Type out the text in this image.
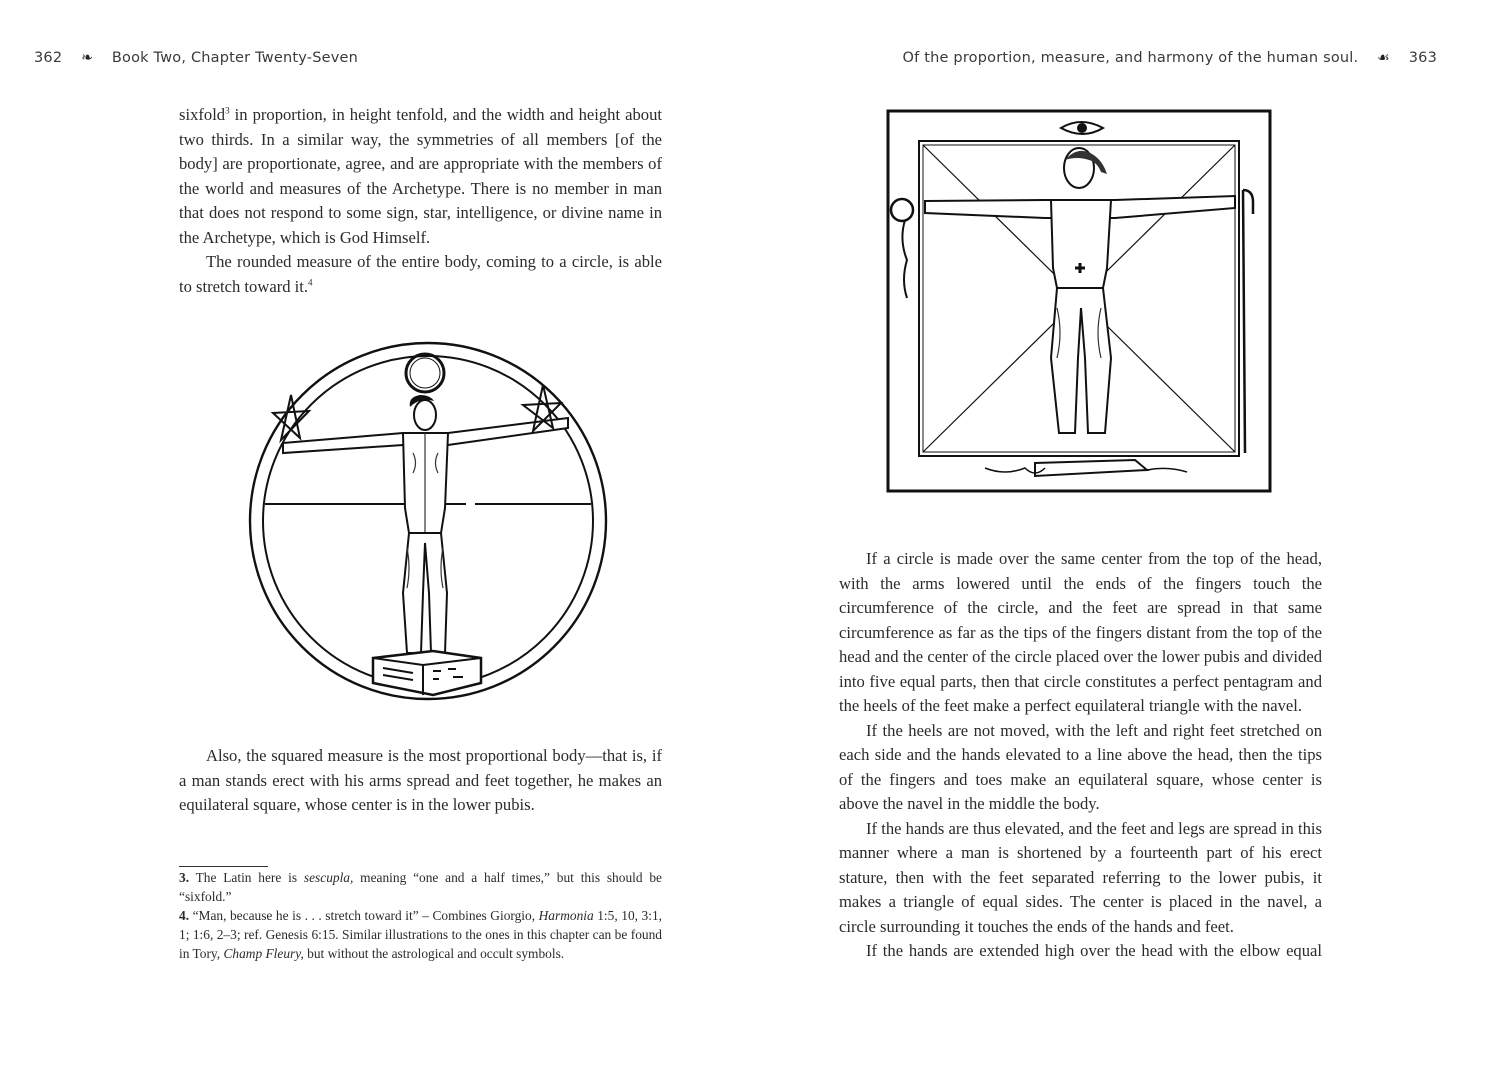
362 ❧ Book Two, Chapter Twenty-Seven

sixfold$^3$ in proportion, in height tenfold, and the width and height about two thirds. In a similar way, the symmetries of all members [of the body] are proportionate, agree, and are appropriate with the members of the world and measures of the Archetype. There is no member in man that does not respond to some sign, star, intelligence, or divine name in the Archetype, which is God Himself.

The rounded measure of the entire body, coming to a circle, is able to stretch toward it.$^4$

Also, the squared measure is the most proportional body—that is, if a man stands erect with his arms spread and feet together, he makes an equilateral square, whose center is in the lower pubis.

3. The Latin here is sescupla, meaning “one and a half times,” but this should be “sixfold.”

4. “Man, because he is . . . stretch toward it” – Combines Giorgio, Harmonia 1:5, 10, 3:1, 1; 1:6, 2–3; ref. Genesis 6:15. Similar illustrations to the ones in this chapter can be found in Tory, Champ Fleury, but without the astrological and occult symbols.

Of the proportion, measure, and harmony of the human soul. ☙ 363

If a circle is made over the same center from the top of the head, with the arms lowered until the ends of the fingers touch the circumference of the circle, and the feet are spread in that same circumference as far as the tips of the fingers distant from the top of the head and the center of the circle placed over the lower pubis and divided into five equal parts, then that circle constitutes a perfect pentagram and the heels of the feet make a perfect equilateral triangle with the navel.

If the heels are not moved, with the left and right feet stretched on each side and the hands elevated to a line above the head, then the tips of the fingers and toes make an equilateral square, whose center is above the navel in the middle the body.

If the hands are thus elevated, and the feet and legs are spread in this manner where a man is shortened by a fourteenth part of his erect stature, then with the feet separated referring to the lower pubis, it makes a triangle of equal sides. The center is placed in the navel, a circle surrounding it touches the ends of the hands and feet.

If the hands are extended high over the head with the elbow equal
